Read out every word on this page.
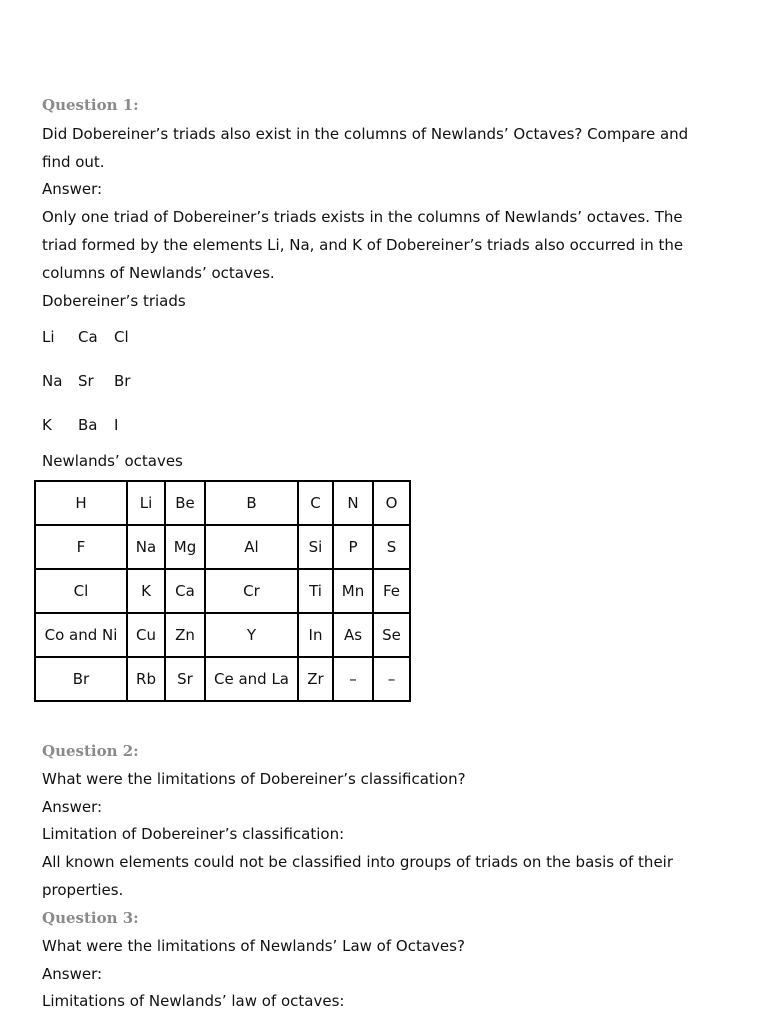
Question 1:
Did Dobereiner’s triads also exist in the columns of Newlands’ Octaves? Compare and
find out.
Answer:
Only one triad of Dobereiner’s triads exists in the columns of Newlands’ octaves. The
triad formed by the elements Li, Na, and K of Dobereiner’s triads also occurred in the
columns of Newlands’ octaves.
Dobereiner’s triads
Li Ca Cl
Na Sr Br
K Ba I
Newlands’ octaves
Question 2:
What were the limitations of Dobereiner’s classification?
Answer:
Limitation of Dobereiner’s classification:
All known elements could not be classified into groups of triads on the basis of their
properties.
Question 3:
What were the limitations of Newlands’ Law of Octaves?
Answer:
Limitations of Newlands’ law of octaves:
H	Li	Be	B	C	N	O
F	Na	Mg	Al	Si	P	S
Cl	K	Ca	Cr	Ti	Mn	Fe
Co and Ni	Cu	Zn	Y	In	As	Se
Br	Rb	Sr	Ce and La	Zr	–	–
